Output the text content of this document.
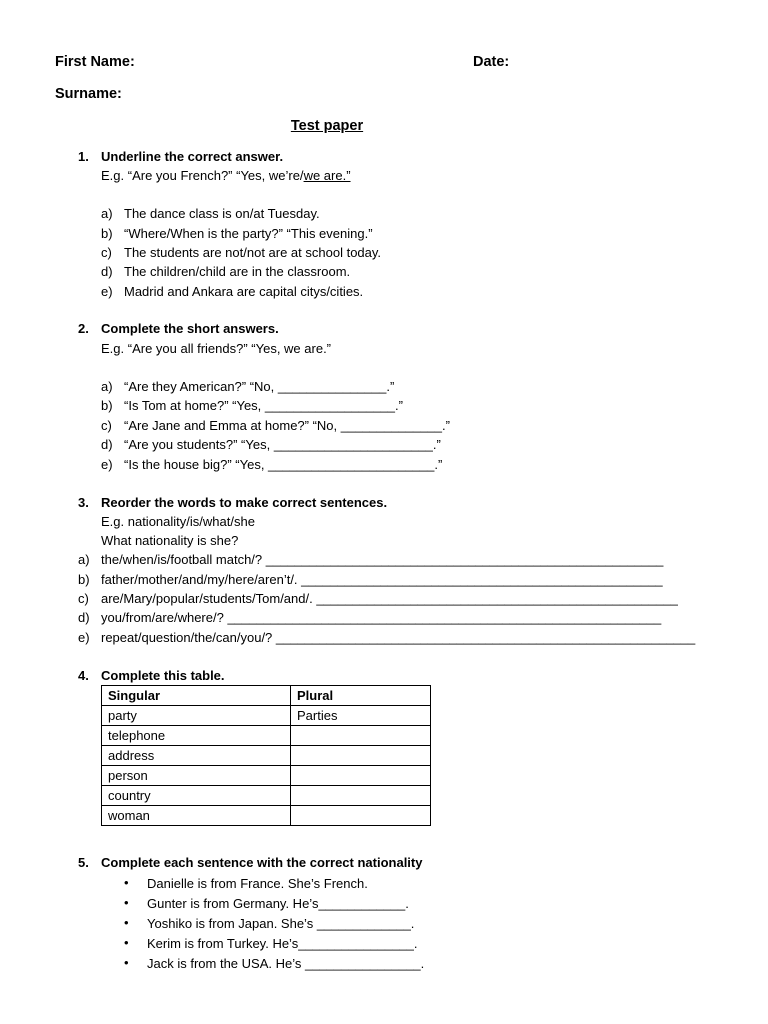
First Name:	Date:
Surname:
Test paper
1. Underline the correct answer.
E.g. “Are you French?” “Yes, we’re/we are.”
a) The dance class is on/at Tuesday.
b) “Where/When is the party?” “This evening.”
c) The students are not/not are at school today.
d) The children/child are in the classroom.
e) Madrid and Ankara are capital citys/cities.
2. Complete the short answers.
E.g. “Are you all friends?” “Yes, we are.”
a) “Are they American?” “No, _______________.”
b) “Is Tom at home?” “Yes, __________________.”
c) “Are Jane and Emma at home?” “No, ______________.”
d) “Are you students?” “Yes, ______________________.”
e) “Is the house big?” “Yes, _______________________.”
3. Reorder the words to make correct sentences.
E.g. nationality/is/what/she
What nationality is she?
a) the/when/is/football match/? _______________________________________________________
b) father/mother/and/my/here/aren’t/. __________________________________________________
c) are/Mary/popular/students/Tom/and/. __________________________________________________
d) you/from/are/where/? ____________________________________________________________
e) repeat/question/the/can/you/? __________________________________________________________
4. Complete this table.
Singular	Plural
party	Parties
telephone	
address	
person	
country	
woman	
5. Complete each sentence with the correct nationality
• Danielle is from France. She’s French.
• Gunter is from Germany. He’s____________.
• Yoshiko is from Japan. She’s _____________.
• Kerim is from Turkey. He’s________________.
• Jack is from the USA. He’s ________________.
